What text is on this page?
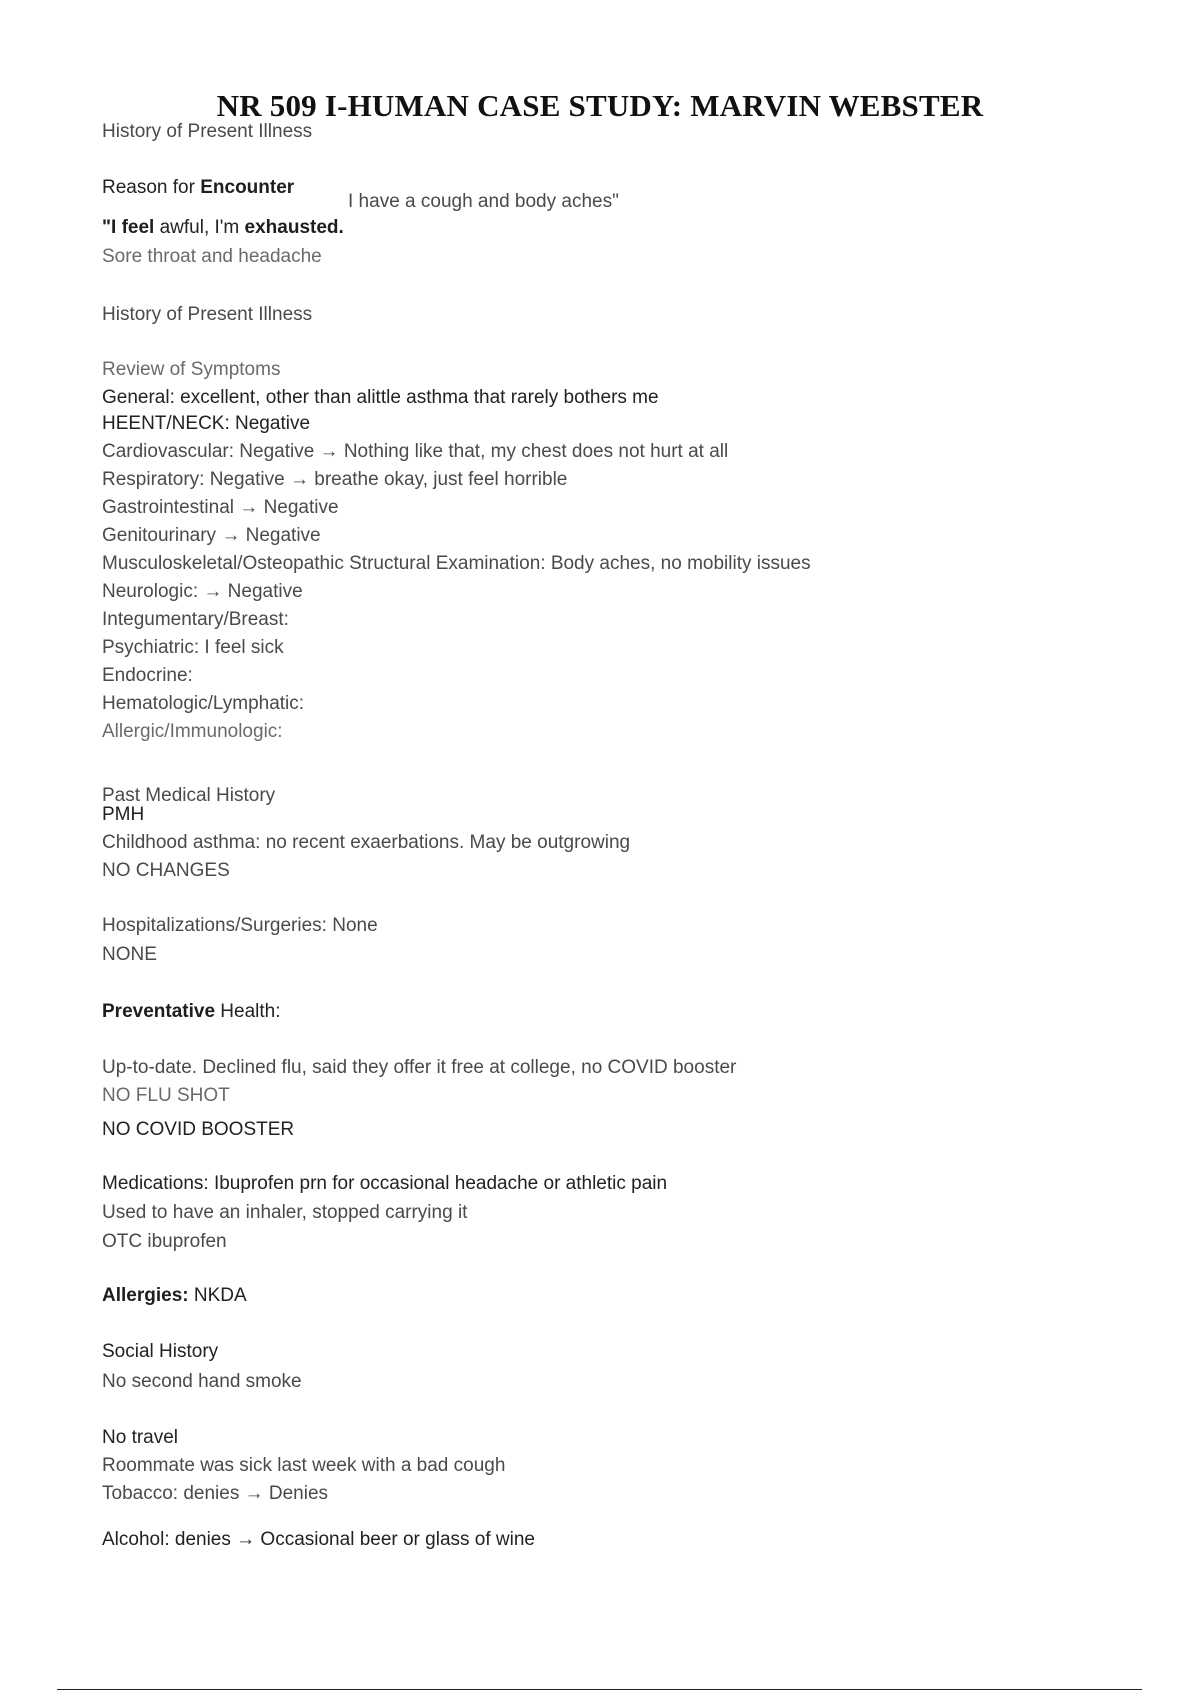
NR 509 I-HUMAN CASE STUDY: MARVIN WEBSTER
History of Present Illness
Reason for Encounter
I have a cough and body aches"
"I feel awful, I'm exhausted.
Sore throat and headache
History of Present Illness
Review of Symptoms
General: excellent, other than alittle asthma that rarely bothers me
HEENT/NECK: Negative
Cardiovascular: Negative → Nothing like that, my chest does not hurt at all
Respiratory: Negative → breathe okay, just feel horrible
Gastrointestinal → Negative
Genitourinary → Negative
Musculoskeletal/Osteopathic Structural Examination: Body aches, no mobility issues
Neurologic: → Negative
Integumentary/Breast:
Psychiatric: I feel sick
Endocrine:
Hematologic/Lymphatic:
Allergic/Immunologic:
Past Medical History
PMH
Childhood asthma: no recent exaerbations. May be outgrowing
NO CHANGES
Hospitalizations/Surgeries: None
NONE
Preventative Health:
Up-to-date. Declined flu, said they offer it free at college, no COVID booster
NO FLU SHOT
NO COVID BOOSTER
Medications: Ibuprofen prn for occasional headache or athletic pain
Used to have an inhaler, stopped carrying it
OTC ibuprofen
Allergies: NKDA
Social History
No second hand smoke
No travel
Roommate was sick last week with a bad cough
Tobacco: denies → Denies
Alcohol: denies → Occasional beer or glass of wine
